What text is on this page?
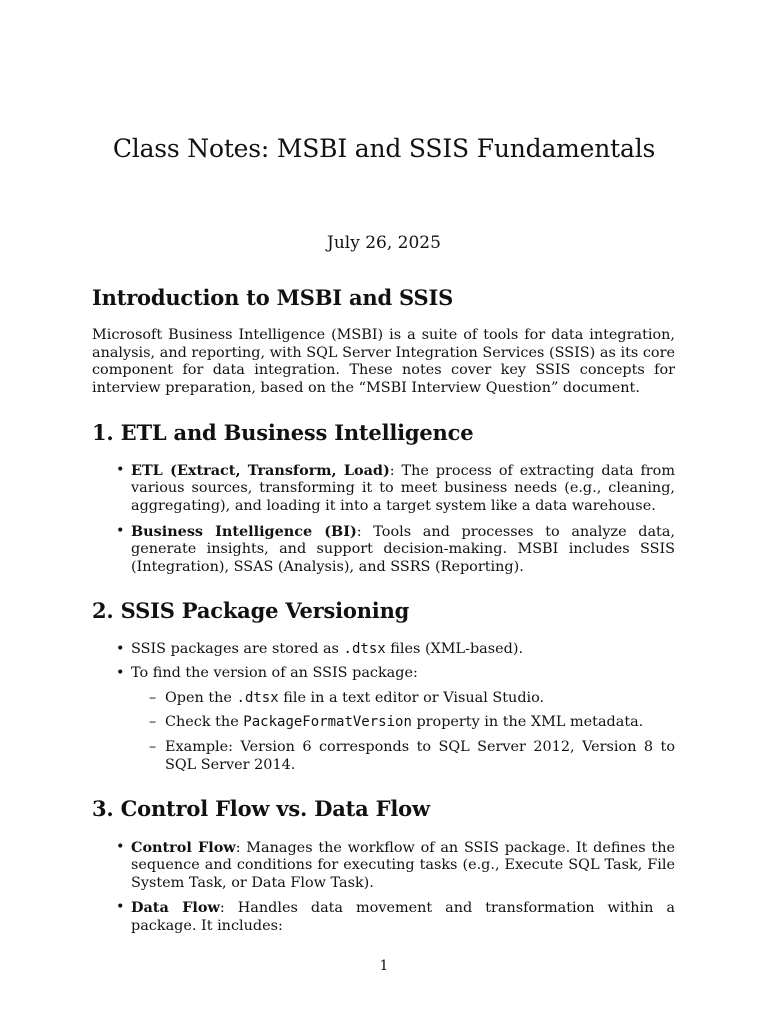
Class Notes: MSBI and SSIS Fundamentals
July 26, 2025
Introduction to MSBI and SSIS

Microsoft Business Intelligence (MSBI) is a suite of tools for data integration, analysis, and reporting, with SQL Server Integration Services (SSIS) as its core component for data integration. These notes cover key SSIS concepts for interview preparation, based on the “MSBI Interview Question” document.

1. ETL and Business Intelligence
• ETL (Extract, Transform, Load): The process of extracting data from various sources, transforming it to meet business needs (e.g., cleaning, aggregating), and loading it into a target system like a data warehouse.
• Business Intelligence (BI): Tools and processes to analyze data, generate insights, and support decision-making. MSBI includes SSIS (Integration), SSAS (Analysis), and SSRS (Reporting).
2. SSIS Package Versioning
• SSIS packages are stored as .dtsx files (XML-based).
• To find the version of an SSIS package:
– Open the .dtsx file in a text editor or Visual Studio.
– Check the PackageFormatVersion property in the XML metadata.
– Example: Version 6 corresponds to SQL Server 2012, Version 8 to SQL Server 2014.
3. Control Flow vs. Data Flow
• Control Flow: Manages the workflow of an SSIS package. It defines the sequence and conditions for executing tasks (e.g., Execute SQL Task, File System Task, or Data Flow Task).
• Data Flow: Handles data movement and transformation within a package. It includes:
1
